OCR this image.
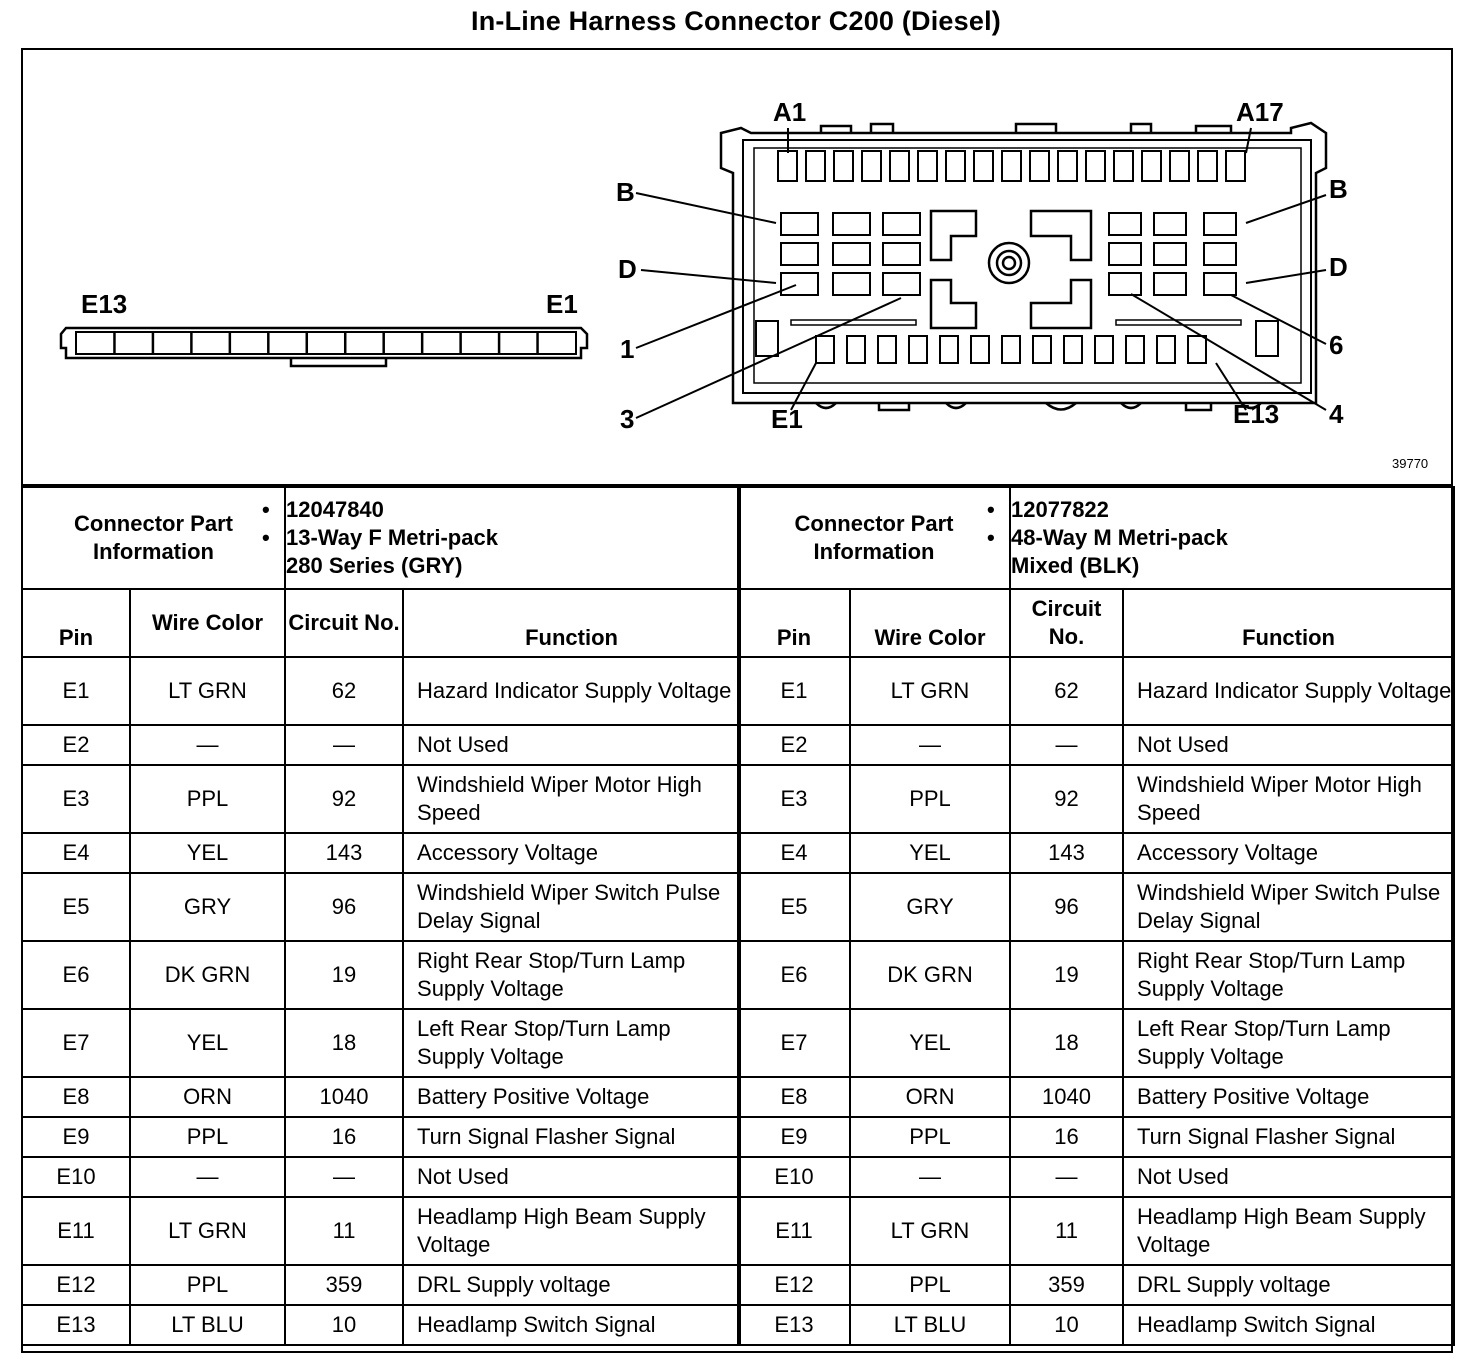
In-Line Harness Connector C200 (Diesel)
E13	E1
A1	A17
B	B
D	D
1
3
6
4
E1	E13
39770
Connector Part Information		• 12047840
• 13-Way F Metri-pack
280 Series (GRY)

Pin	Wire Color	Circuit No.	Function
E1	LT GRN	62	Hazard Indicator Supply Voltage
E2	—	—	Not Used
E3	PPL	92	Windshield Wiper Motor High Speed
E4	YEL	143	Accessory Voltage
E5	GRY	96	Windshield Wiper Switch Pulse Delay Signal
E6	DK GRN	19	Right Rear Stop/Turn Lamp Supply Voltage
E7	YEL	18	Left Rear Stop/Turn Lamp Supply Voltage
E8	ORN	1040	Battery Positive Voltage
E9	PPL	16	Turn Signal Flasher Signal
E10	—	—	Not Used
E11	LT GRN	11	Headlamp High Beam Supply Voltage
E12	PPL	359	DRL Supply voltage
E13	LT BLU	10	Headlamp Switch Signal
Connector Part Information		• 12077822
• 48-Way M Metri-pack
Mixed (BLK)

Pin	Wire Color	Circuit No.	Function
E1	LT GRN	62	Hazard Indicator Supply Voltage
E2	—	—	Not Used
E3	PPL	92	Windshield Wiper Motor High Speed
E4	YEL	143	Accessory Voltage
E5	GRY	96	Windshield Wiper Switch Pulse Delay Signal
E6	DK GRN	19	Right Rear Stop/Turn Lamp Supply Voltage
E7	YEL	18	Left Rear Stop/Turn Lamp Supply Voltage
E8	ORN	1040	Battery Positive Voltage
E9	PPL	16	Turn Signal Flasher Signal
E10	—	—	Not Used
E11	LT GRN	11	Headlamp High Beam Supply Voltage
E12	PPL	359	DRL Supply voltage
E13	LT BLU	10	Headlamp Switch Signal
